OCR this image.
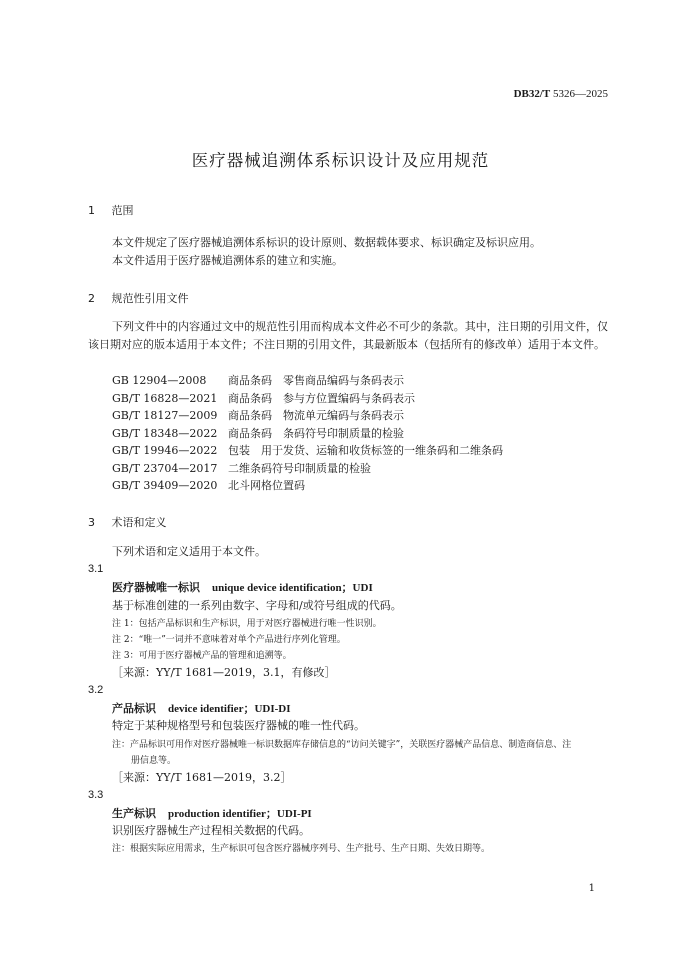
DB32/T 5326—2025
医疗器械追溯体系标识设计及应用规范
1 范围
本文件规定了医疗器械追溯体系标识的设计原则、数据载体要求、标识确定及标识应用。
本文件适用于医疗器械追溯体系的建立和实施。
2 规范性引用文件
下列文件中的内容通过文中的规范性引用而构成本文件必不可少的条款。其中，注日期的引用文件，仅该日期对应的版本适用于本文件；不注日期的引用文件，其最新版本（包括所有的修改单）适用于本文件。
GB 12904—2008 商品条码　零售商品编码与条码表示
GB/T 16828—2021 商品条码　参与方位置编码与条码表示
GB/T 18127—2009 商品条码　物流单元编码与条码表示
GB/T 18348—2022 商品条码　条码符号印制质量的检验
GB/T 19946—2022 包装　用于发货、运输和收货标签的一维条码和二维条码
GB/T 23704—2017 二维条码符号印制质量的检验
GB/T 39409—2020 北斗网格位置码
3 术语和定义
下列术语和定义适用于本文件。
3.1
医疗器械唯一标识 unique device identification；UDI
基于标准创建的一系列由数字、字母和/或符号组成的代码。
注 1：包括产品标识和生产标识，用于对医疗器械进行唯一性识别。
注 2：“唯一”一词并不意味着对单个产品进行序列化管理。
注 3：可用于医疗器械产品的管理和追溯等。
［来源：YY/T 1681—2019，3.1，有修改］
3.2
产品标识 device identifier；UDI-DI
特定于某种规格型号和包装医疗器械的唯一性代码。
注：产品标识可用作对医疗器械唯一标识数据库存储信息的“访问关键字”，关联医疗器械产品信息、制造商信息、注
册信息等。
［来源：YY/T 1681—2019，3.2］
3.3
生产标识 production identifier；UDI-PI
识别医疗器械生产过程相关数据的代码。
注：根据实际应用需求，生产标识可包含医疗器械序列号、生产批号、生产日期、失效日期等。
1
